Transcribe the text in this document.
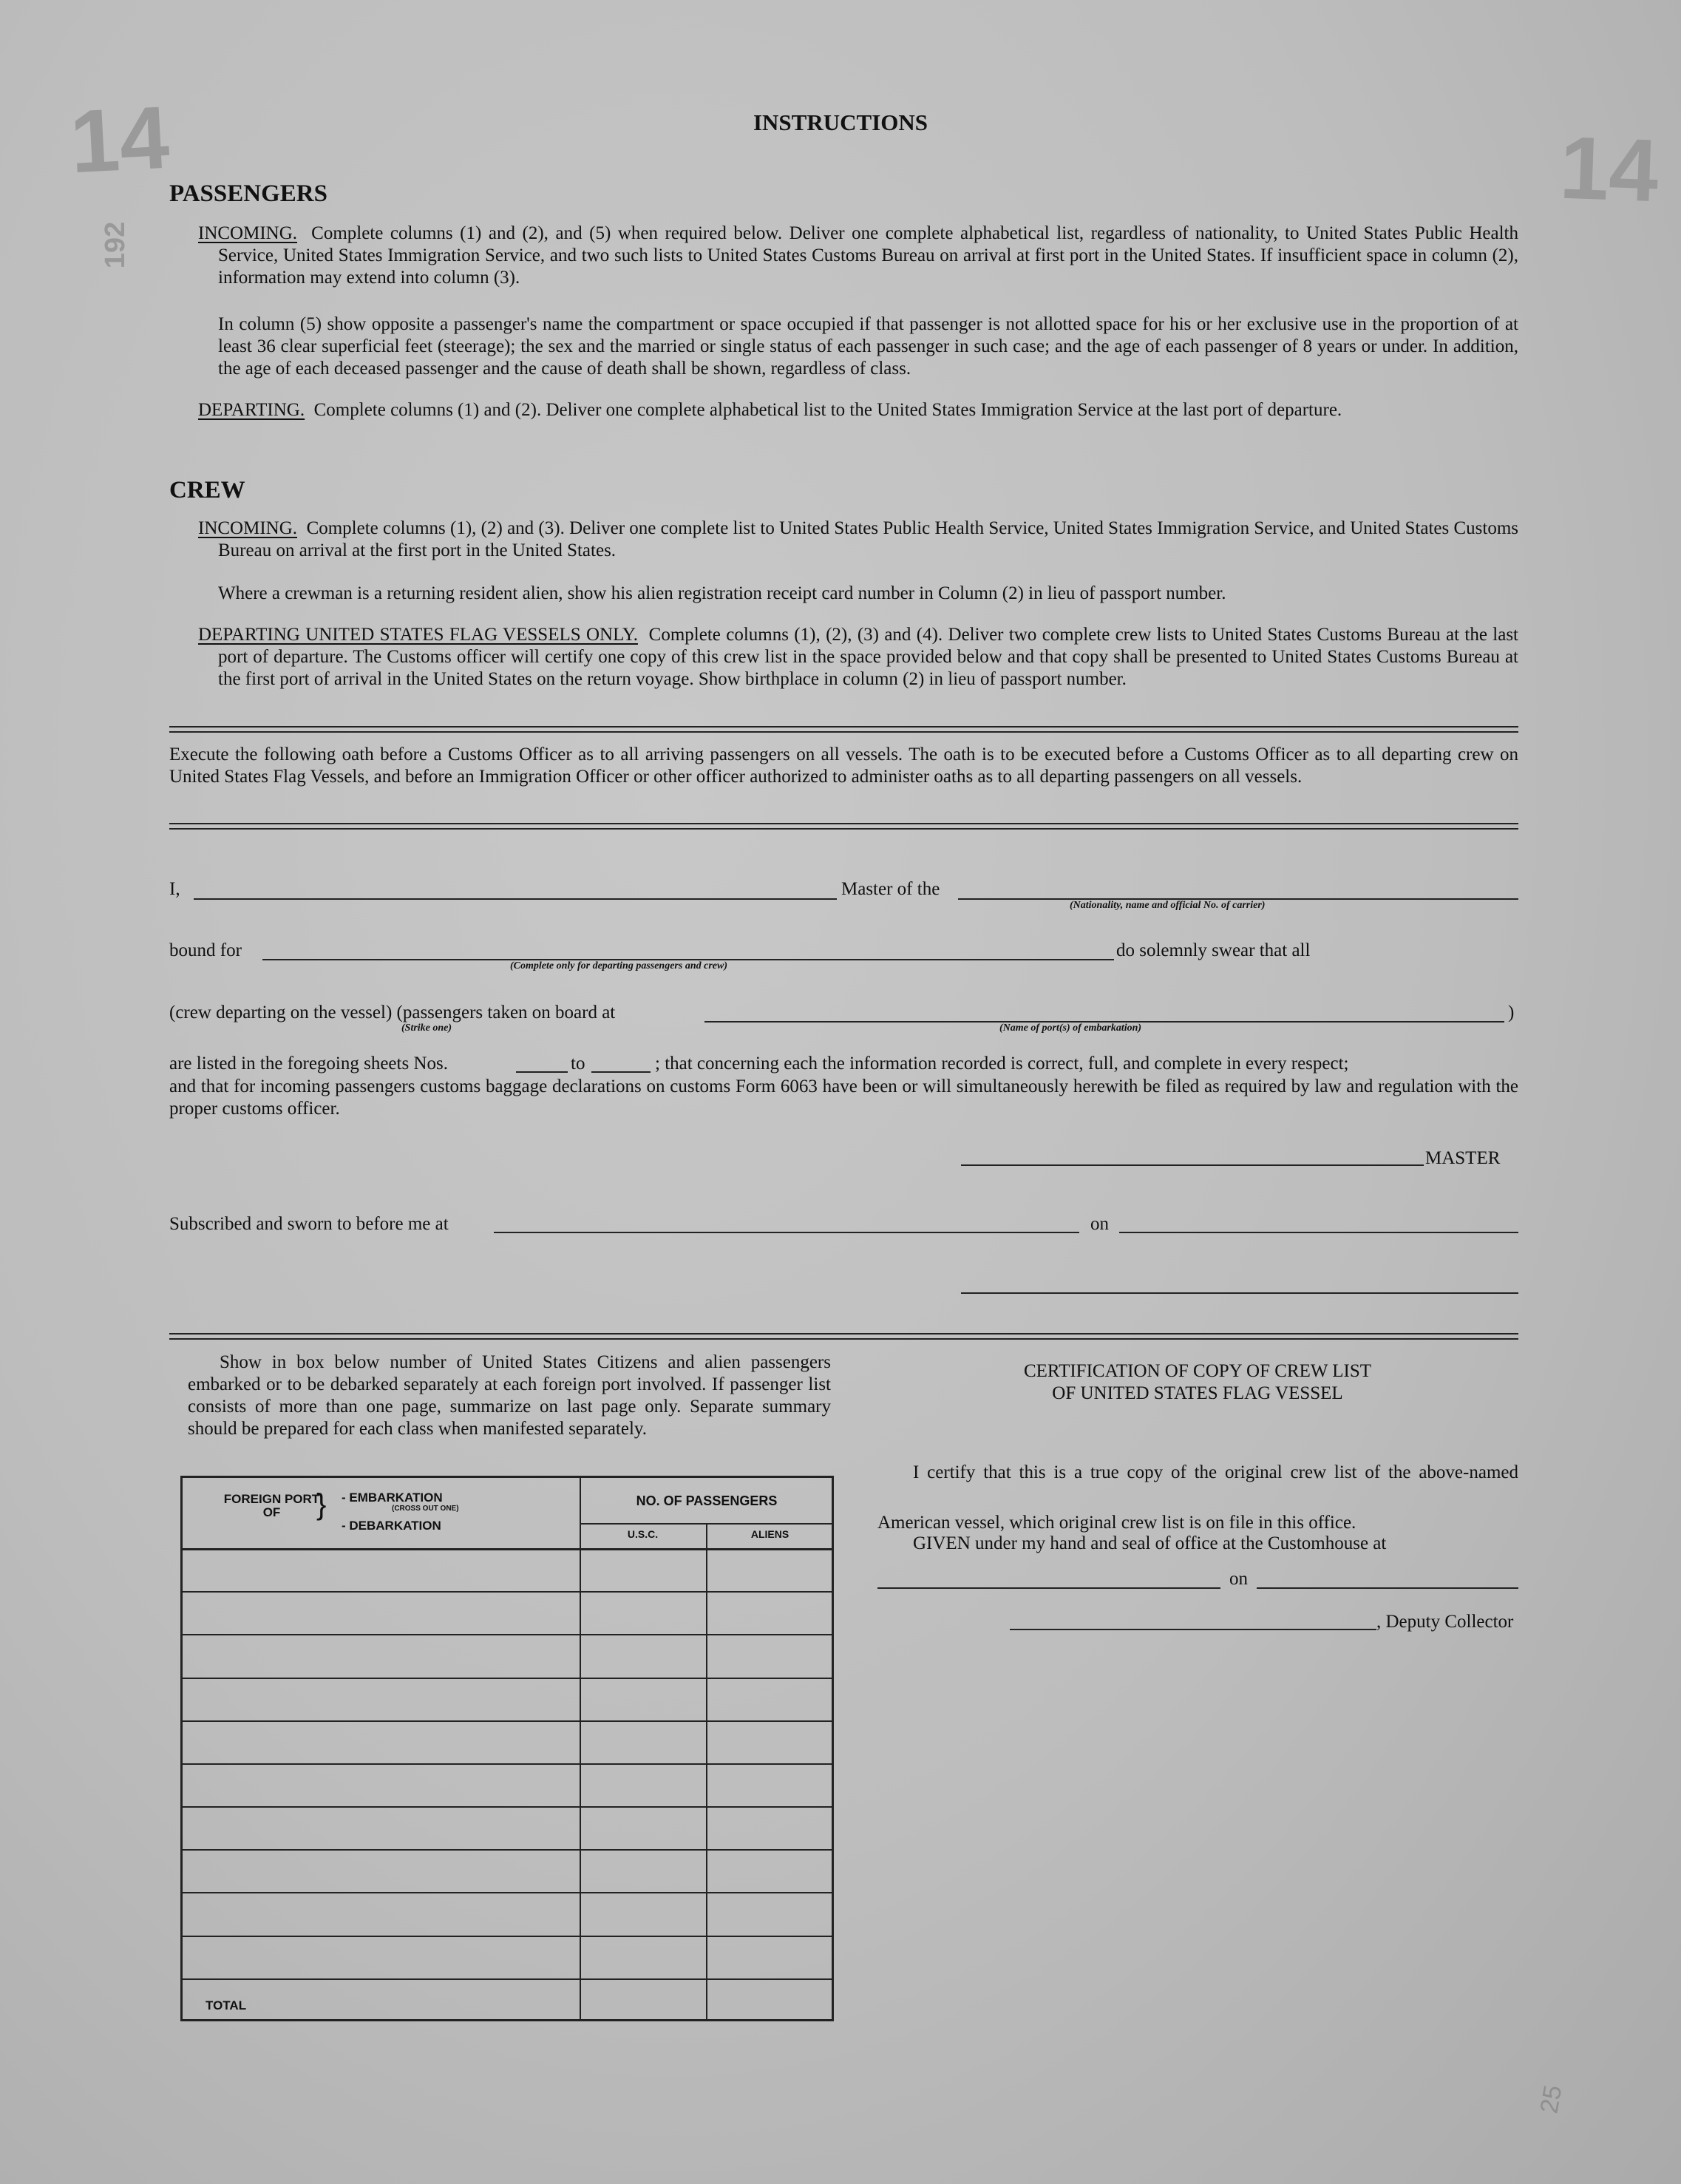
14	14
192
25
INSTRUCTIONS
PASSENGERS

INCOMING. Complete columns (1) and (2), and (5) when required below. Deliver one complete alphabetical list, regardless of nationality, to United States Public Health Service, United States Immigration Service, and two such lists to United States Customs Bureau on arrival at first port in the United States. If insufficient space in column (2), information may extend into column (3).

In column (5) show opposite a passenger's name the compartment or space occupied if that passenger is not allotted space for his or her exclusive use in the proportion of at least 36 clear superficial feet (steerage); the sex and the married or single status of each passenger in such case; and the age of each passenger of 8 years or under. In addition, the age of each deceased passenger and the cause of death shall be shown, regardless of class.

DEPARTING. Complete columns (1) and (2). Deliver one complete alphabetical list to the United States Immigration Service at the last port of departure.

CREW

INCOMING. Complete columns (1), (2) and (3). Deliver one complete list to United States Public Health Service, United States Immigration Service, and United States Customs Bureau on arrival at the first port in the United States.

Where a crewman is a returning resident alien, show his alien registration receipt card number in Column (2) in lieu of passport number.

DEPARTING UNITED STATES FLAG VESSELS ONLY. Complete columns (1), (2), (3) and (4). Deliver two complete crew lists to United States Customs Bureau at the last port of departure. The Customs officer will certify one copy of this crew list in the space provided below and that copy shall be presented to United States Customs Bureau at the first port of arrival in the United States on the return voyage. Show birthplace in column (2) in lieu of passport number.

Execute the following oath before a Customs Officer as to all arriving passengers on all vessels. The oath is to be executed before a Customs Officer as to all departing crew on United States Flag Vessels, and before an Immigration Officer or other officer authorized to administer oaths as to all departing passengers on all vessels.

I,	Master of the
(Nationality, name and official No. of carrier)
bound for
(Complete only for departing passengers and crew)
do solemnly swear that all
(crew departing on the vessel) (passengers taken on board at	)
(Strike one)	(Name of port(s) of embarkation)
are listed in the foregoing sheets Nos.	to	; that concerning each the information recorded is correct, full, and complete in every respect;

and that for incoming passengers customs baggage declarations on customs Form 6063 have been or will simultaneously herewith be filed as required by law and regulation with the proper customs officer.

MASTER
Subscribed and sworn to before me at	on

Show in box below number of United States Citizens and alien passengers embarked or to be debarked separately at each foreign port involved. If passenger list consists of more than one page, summarize on last page only. Separate summary should be prepared for each class when manifested separately.

FOREIGN PORT OF	} - EMBARKATION
(CROSS OUT ONE)
- DEBARKATION
NO. OF PASSENGERS
U.S.C.	ALIENS
TOTAL
CERTIFICATION OF COPY OF CREW LIST
OF UNITED STATES FLAG VESSEL

I certify that this is a true copy of the original crew list of the above-named American vessel, which original crew list is on file in this office.

GIVEN under my hand and seal of office at the Customhouse at
on
, Deputy Collector
